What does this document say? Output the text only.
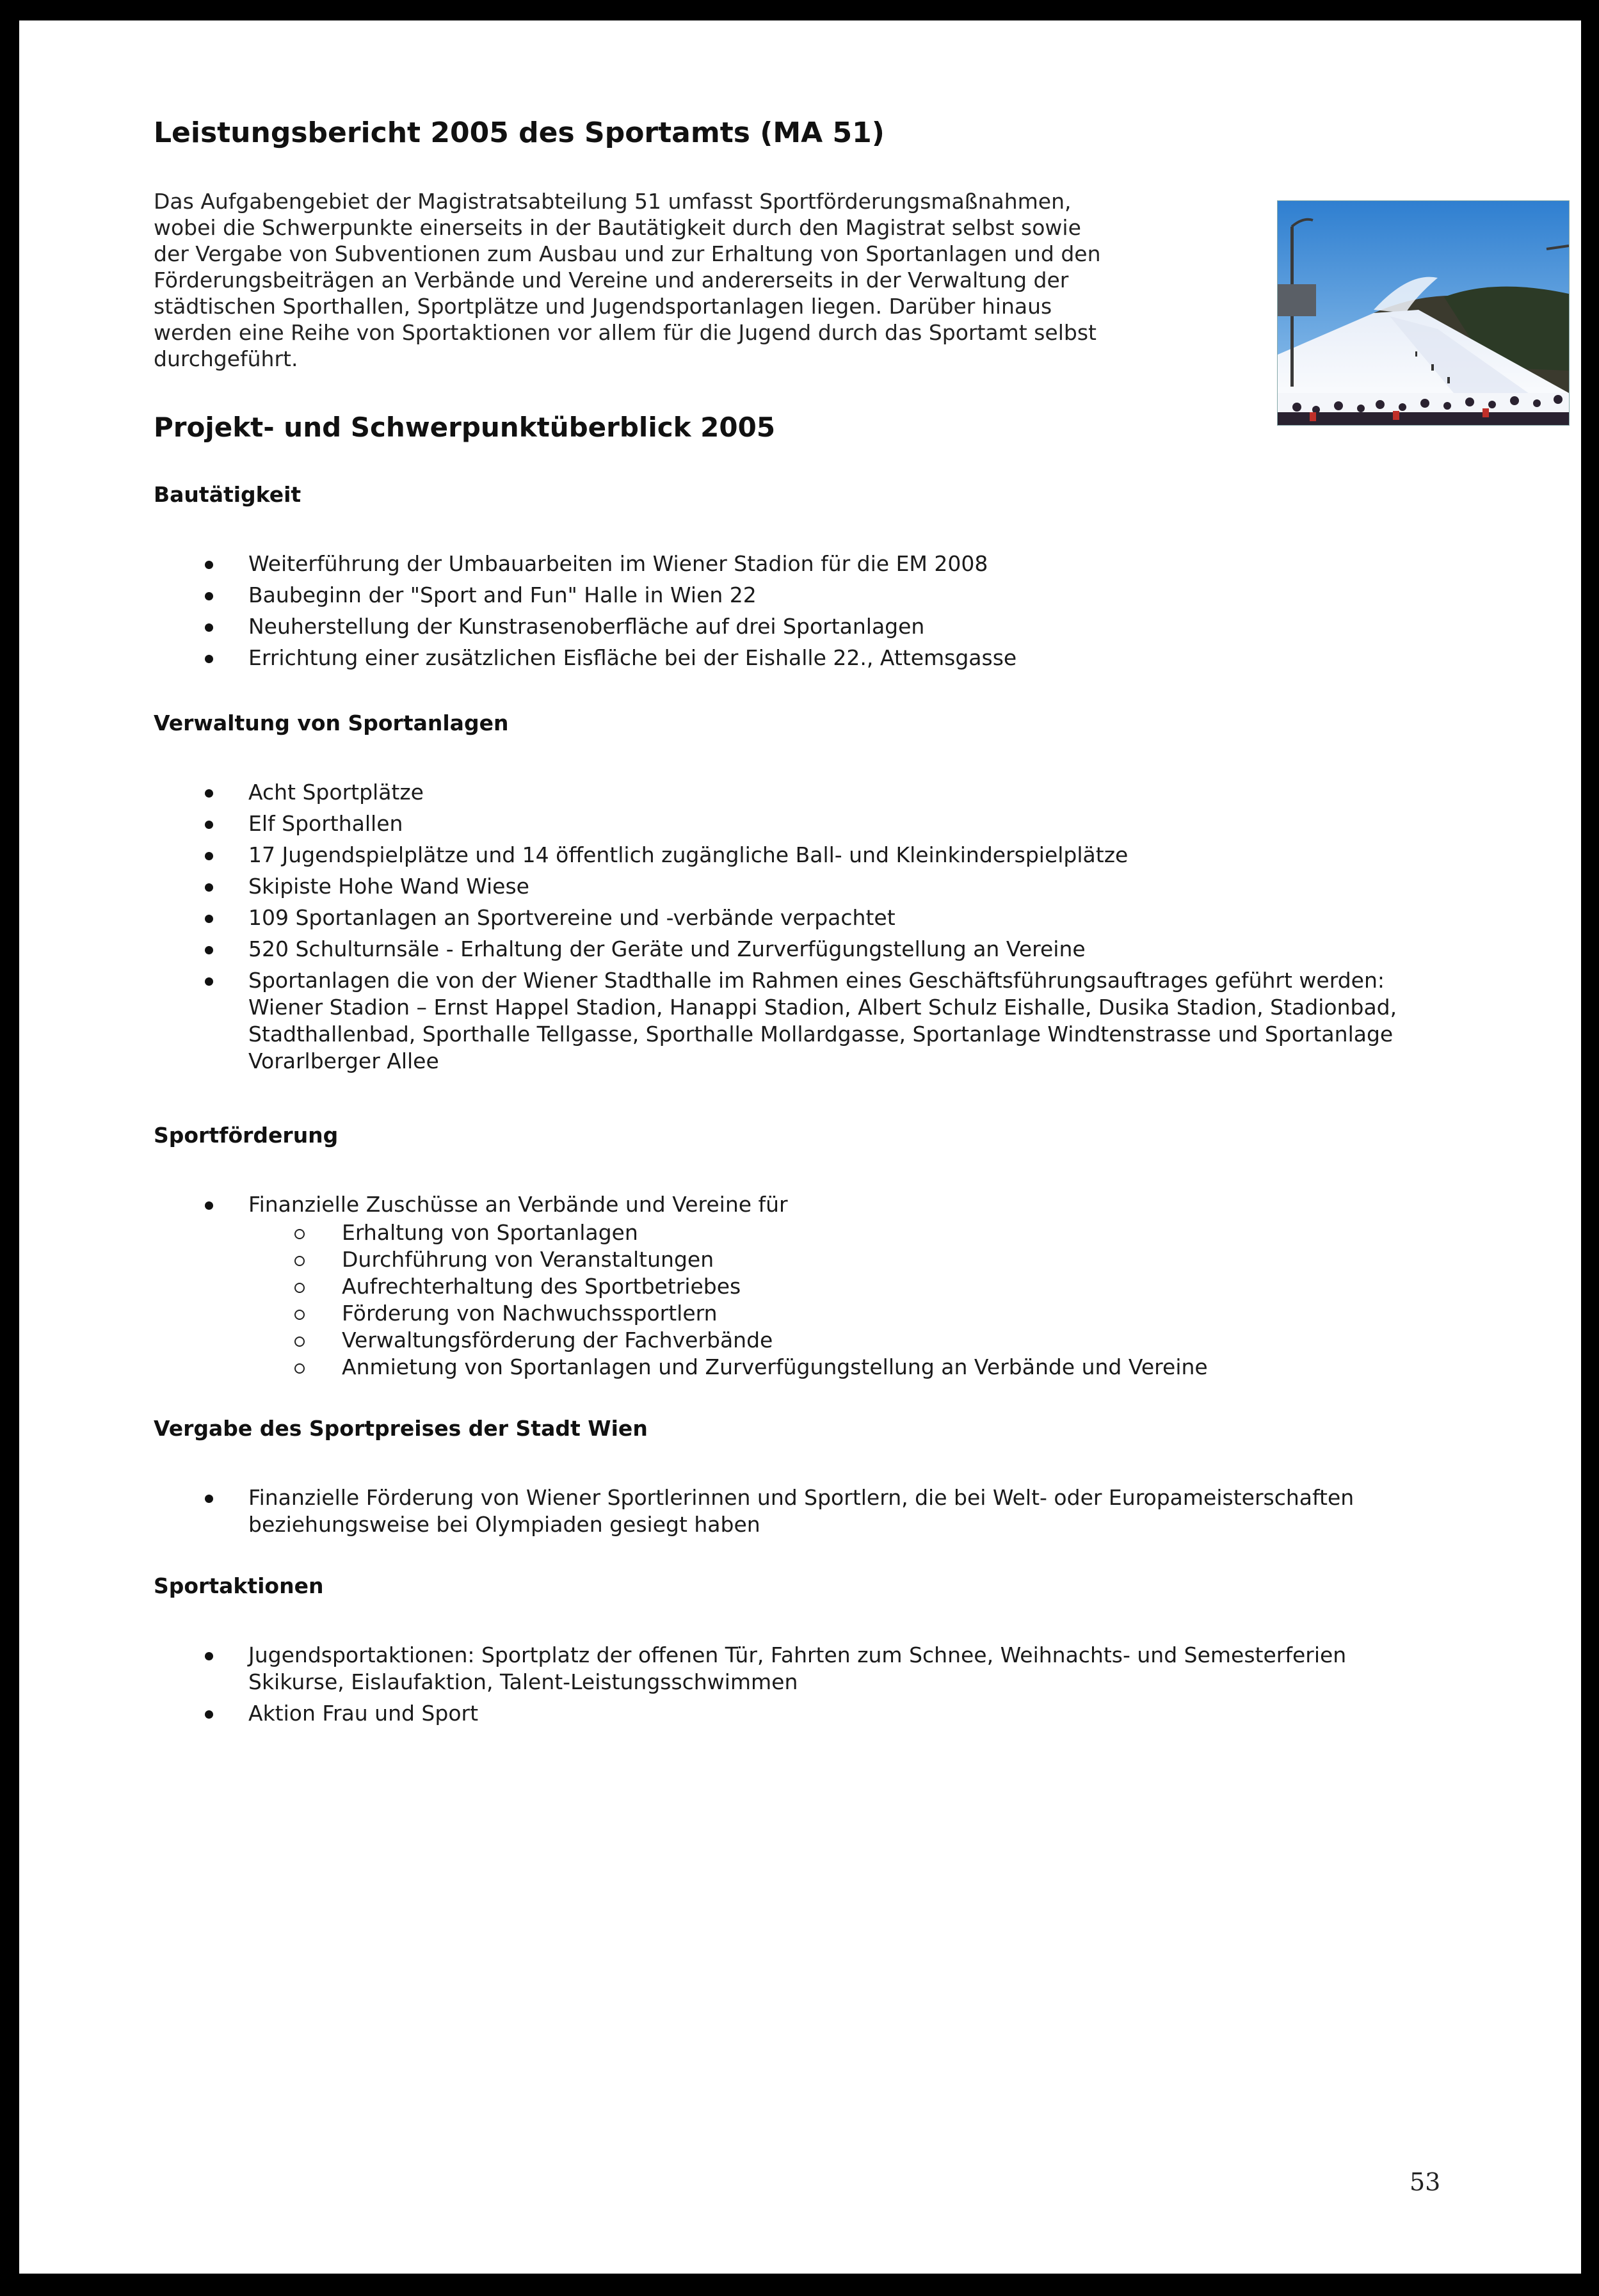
Leistungsbericht 2005 des Sportamts (MA 51)

Das Aufgabengebiet der Magistratsabteilung 51 umfasst Sportförderungsmaßnahmen, wobei die Schwerpunkte einerseits in der Bautätigkeit durch den Magistrat selbst sowie der Vergabe von Subventionen zum Ausbau und zur Erhaltung von Sportanlagen und den Förderungsbeiträgen an Verbände und Vereine und andererseits in der Verwaltung der städtischen Sporthallen, Sportplätze und Jugendsportanlagen liegen. Darüber hinaus werden eine Reihe von Sportaktionen vor allem für die Jugend durch das Sportamt selbst durchgeführt.

Projekt- und Schwerpunktüberblick 2005
Bautätigkeit
Weiterführung der Umbauarbeiten im Wiener Stadion für die EM 2008
Baubeginn der "Sport and Fun" Halle in Wien 22
Neuherstellung der Kunstrasenoberfläche auf drei Sportanlagen
Errichtung einer zusätzlichen Eisfläche bei der Eishalle 22., Attemsgasse
Verwaltung von Sportanlagen
Acht Sportplätze
Elf Sporthallen
17 Jugendspielplätze und 14 öffentlich zugängliche Ball- und Kleinkinderspielplätze
Skipiste Hohe Wand Wiese
109 Sportanlagen an Sportvereine und -verbände verpachtet
520 Schulturnsäle - Erhaltung der Geräte und Zurverfügungstellung an Vereine
Sportanlagen die von der Wiener Stadthalle im Rahmen eines Geschäftsführungsauftrages geführt werden: Wiener Stadion – Ernst Happel Stadion, Hanappi Stadion, Albert Schulz Eishalle, Dusika Stadion, Stadionbad, Stadthallenbad, Sporthalle Tellgasse, Sporthalle Mollardgasse, Sportanlage Windtenstrasse und Sportanlage Vorarlberger Allee
Sportförderung
Finanzielle Zuschüsse an Verbände und Vereine für
Erhaltung von Sportanlagen
Durchführung von Veranstaltungen
Aufrechterhaltung des Sportbetriebes
Förderung von Nachwuchssportlern
Verwaltungsförderung der Fachverbände
Anmietung von Sportanlagen und Zurverfügungstellung an Verbände und Vereine
Vergabe des Sportpreises der Stadt Wien
Finanzielle Förderung von Wiener Sportlerinnen und Sportlern, die bei Welt- oder Europameisterschaften beziehungsweise bei Olympiaden gesiegt haben
Sportaktionen
Jugendsportaktionen: Sportplatz der offenen Tür, Fahrten zum Schnee, Weihnachts- und Semesterferien Skikurse, Eislaufaktion, Talent-Leistungsschwimmen
Aktion Frau und Sport
53
